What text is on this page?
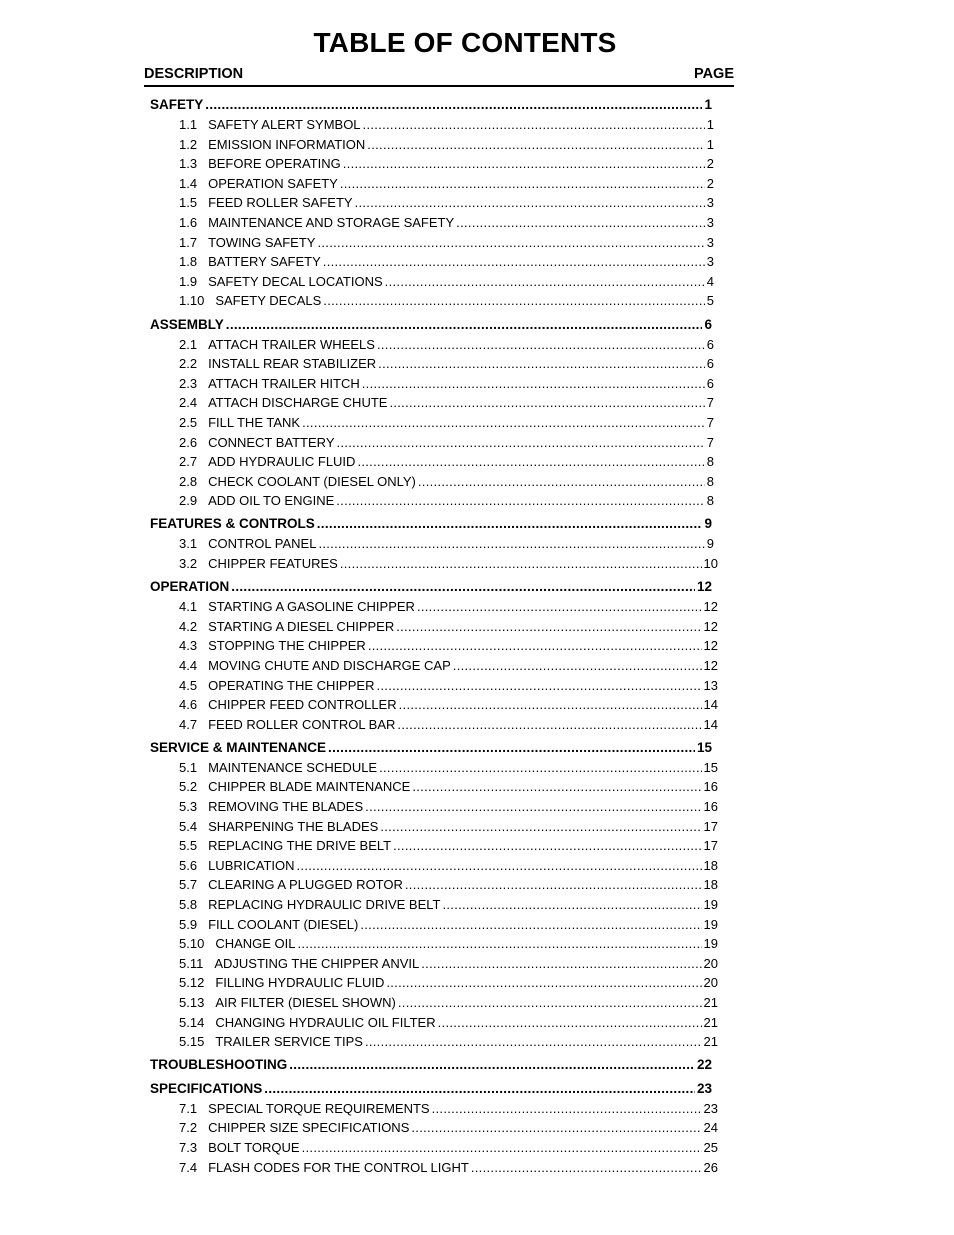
TABLE OF CONTENTS
DESCRIPTION	PAGE
SAFETY .....	1
1.1 SAFETY ALERT SYMBOL .....	1
1.2 EMISSION INFORMATION .....	1
1.3 BEFORE OPERATING .....	2
1.4 OPERATION SAFETY .....	2
1.5 FEED ROLLER SAFETY .....	3
1.6 MAINTENANCE AND STORAGE SAFETY .....	3
1.7 TOWING SAFETY .....	3
1.8 BATTERY SAFETY .....	3
1.9 SAFETY DECAL LOCATIONS .....	4
1.10 SAFETY DECALS .....	5
ASSEMBLY .....	6
2.1 ATTACH TRAILER WHEELS .....	6
2.2 INSTALL REAR STABILIZER .....	6
2.3 ATTACH TRAILER HITCH .....	6
2.4 ATTACH DISCHARGE CHUTE .....	7
2.5 FILL THE TANK .....	7
2.6 CONNECT BATTERY .....	7
2.7 ADD HYDRAULIC FLUID .....	8
2.8 CHECK COOLANT (DIESEL ONLY) .....	8
2.9 ADD OIL TO ENGINE .....	8
FEATURES & CONTROLS .....	9
3.1 CONTROL PANEL .....	9
3.2 CHIPPER FEATURES .....	10
OPERATION .....	12
4.1 STARTING A GASOLINE CHIPPER .....	12
4.2 STARTING A DIESEL CHIPPER .....	12
4.3 STOPPING THE CHIPPER .....	12
4.4 MOVING CHUTE AND DISCHARGE CAP .....	12
4.5 OPERATING THE CHIPPER .....	13
4.6 CHIPPER FEED CONTROLLER .....	14
4.7 FEED ROLLER CONTROL BAR .....	14
SERVICE & MAINTENANCE .....	15
5.1 MAINTENANCE SCHEDULE .....	15
5.2 CHIPPER BLADE MAINTENANCE .....	16
5.3 REMOVING THE BLADES .....	16
5.4 SHARPENING THE BLADES .....	17
5.5 REPLACING THE DRIVE BELT .....	17
5.6 LUBRICATION .....	18
5.7 CLEARING A PLUGGED ROTOR .....	18
5.8 REPLACING HYDRAULIC DRIVE BELT .....	19
5.9 FILL COOLANT (DIESEL) .....	19
5.10 CHANGE OIL .....	19
5.11 ADJUSTING THE CHIPPER ANVIL .....	20
5.12 FILLING HYDRAULIC FLUID .....	20
5.13 AIR FILTER (DIESEL SHOWN) .....	21
5.14 CHANGING HYDRAULIC OIL FILTER .....	21
5.15 TRAILER SERVICE TIPS .....	21
TROUBLESHOOTING .....	22
SPECIFICATIONS .....	23
7.1 SPECIAL TORQUE REQUIREMENTS .....	23
7.2 CHIPPER SIZE SPECIFICATIONS .....	24
7.3 BOLT TORQUE .....	25
7.4 FLASH CODES FOR THE CONTROL LIGHT .....	26
